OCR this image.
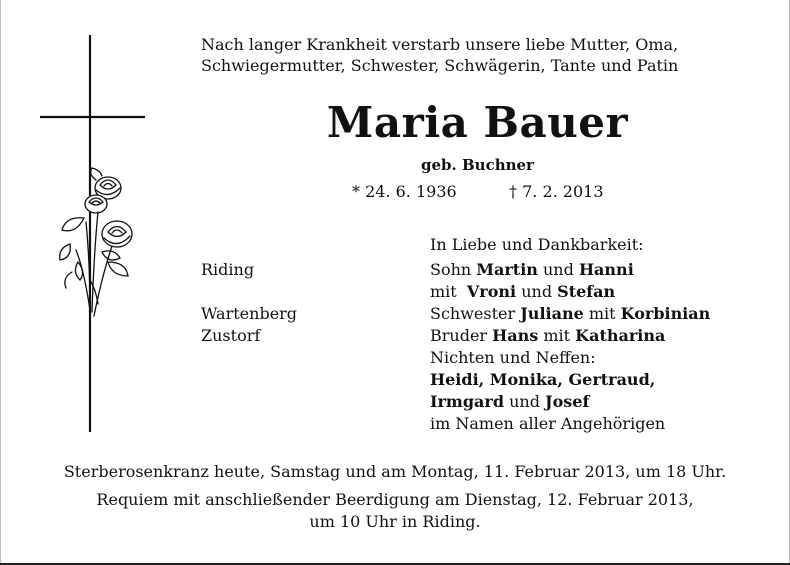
Nach langer Krankheit verstarb unsere liebe Mutter, Oma,
Schwiegermutter, Schwester, Schwägerin, Tante und Patin
Maria Bauer
geb. Buchner
* 24. 6. 1936	† 7. 2. 2013
In Liebe und Dankbarkeit:
Riding
Wartenberg
Zustorf
Sohn Martin und Hanni
mit  Vroni und Stefan
Schwester Juliane mit Korbinian
Bruder Hans mit Katharina
Nichten und Neffen:
Heidi, Monika, Gertraud,
Irmgard und Josef
im Namen aller Angehörigen
Sterberosenkranz heute, Samstag und am Montag, 11. Februar 2013, um 18 Uhr.
Requiem mit anschließender Beerdigung am Dienstag, 12. Februar 2013,
um 10 Uhr in Riding.
